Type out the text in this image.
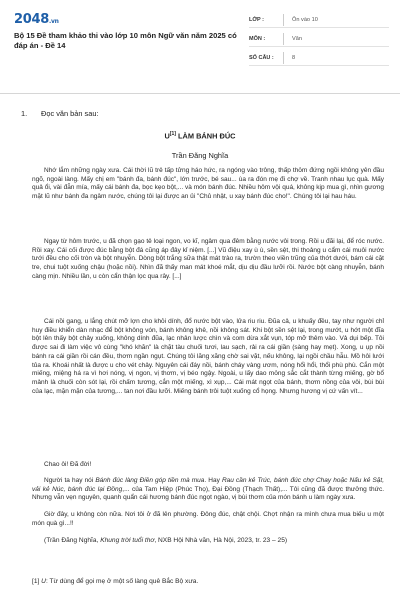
2048.vn
Bộ 15 Đề tham khảo thi vào lớp 10 môn Ngữ văn năm 2025 có đáp án - Đề 14
LỚP :	Ôn vào 10
MÔN :	Văn
SỐ CÂU :	8
1. Đọc văn bản sau:
U[1] LÀM BÁNH ĐÚC
Trần Đăng Nghĩa

Nhớ lắm những ngày xưa. Cái thời lũ trẻ tấp tửng háo hức, ra ngóng vào trông, thấp thỏm đứng ngồi không yên đầu ngõ, ngoài làng. Mấy chị em "bánh đa, bánh đúc", lớn trước, bé sau... ùa ra đón mẹ đi chợ về. Tranh nhau lục quà. Mấy quả ổi, vài đẫn mía, mấy cái bánh đa, bọc kẹo bột,... và món bánh đúc. Nhiều hôm vội quá, không kịp mua gì, nhìn gương mặt lũ như bánh đa ngâm nước, chúng tôi lại được an ủi "Chủ nhật, u xay bánh đúc cho!". Chúng tôi lại hau háu.

Ngay từ hôm trước, u đã chọn gạo tẻ loại ngon, vo kĩ, ngâm qua đêm bằng nước vôi trong. Rồi u đãi lại, để róc nước. Rồi xay. Cái cối được đúc bằng bột đá cũng áp đây kỉ niệm. [...] Vũ điệu xay ù ù, sền sệt, thi thoảng u cẩm cái muôi nước tưới đều cho cối tròn và bột nhuyễn. Dòng bột trắng sữa thật mát trào ra, trườn theo viền trũng của thớt dưới, bám cái cặt tre, chui tuột xuống chậu (hoặc nồi). Nhìn đã thấy man mát khoé mắt, dịu dịu đầu lưỡi rồi. Nước bột càng nhuyễn, bánh càng mịn. Nhiều lần, u còn cẩn thận lọc qua rây. [...]

Cái nồi gang, u lắng chút mỡ lợn cho khỏi dính, đổ nước bột vào, lửa riu riu. Đũa cả, u khuấy đều, tay như người chỉ huy điều khiển dàn nhạc để bột không vón, bánh không khê, nồi không sát. Khi bột sền sệt lại, trong mướt, u hớt một đĩa bột lên thấy bột chảy xuống, không dính đũa, lạc nhân lược chìn và com dừa xắt vụn, tóp mỡ thêm vào. Vả dụi bếp. Tôi được sai đi làm việc vô cùng "khó khăn" là chặt tàu chuối tươi, lau sạch, rải ra cái giần (sàng hay mẹt). Xong, u ụp nồi bánh ra cái giần rồi cán đều, thơm ngần ngụt. Chúng tôi lăng xăng chờ sai vặt, nếu không, lại ngồi chầu hẫu. Mồ hôi lưới tủa ra. Khoái nhất là được u cho vét chảy. Nguyên cái đáy nồi, bánh cháy vàng ươm, nóng hổi hổi, thổi phù phù. Cắn một miếng, miệng há ra vì hơi nóng, vị ngon, vị thơm, vị béo ngậy. Ngoài, u lấy dao mỏng sắc cắt thành từng miếng, gờ bổ mảnh là chuối còn sót lại, rồi chấm tương, cắn một miếng, xì xụp,... Cái mát ngọt của bánh, thơm nồng của vôi, bùi bùi của lạc, mặn mặn của tương,... tan nơi đầu lưỡi. Miếng bánh trôi tuột xuống cổ họng. Nhưng hương vị cứ vấn vít...

Chao ôi! Đã đời!

Người ta hay nói Bánh đúc làng Điền góp tiền mà mua. Hay Rau cần kẻ Trúc, bánh đúc chợ Chay hoặc Nấu kẻ Sặt, vải kẻ Núc, bánh đúc lại Đồng,... của Tam Hiệp (Phúc Thọ), Đại Đồng (Thạch Thất),... Tôi cũng đã được thưởng thức. Nhưng vẫn vẹn nguyên, quanh quẩn cái hương bánh đúc ngọt ngào, vị bùi thơm của món bánh u làm ngày xưa.

Giờ đây, u không còn nữa. Nơi tôi ở đã lên phường. Đông đúc, chật chội. Chợt nhận ra mình chưa mua biếu u một món quà gì...!!

(Trần Đăng Nghĩa, Khung trời tuổi thơ, NXB Hội Nhà văn, Hà Nội, 2023, tr. 23 – 25)

[1] U: Từ dùng để gọi mẹ ở một số làng quê Bắc Bộ xưa.
